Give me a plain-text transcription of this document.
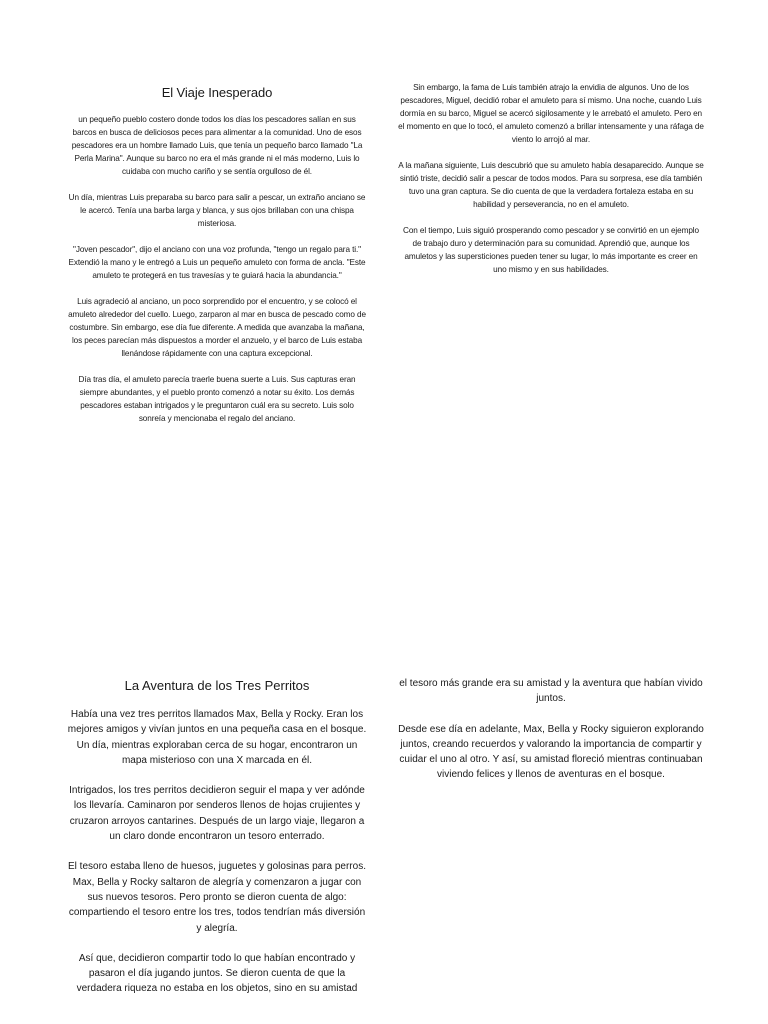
El Viaje Inesperado

un pequeño pueblo costero donde todos los días los pescadores salían en sus barcos en busca de deliciosos peces para alimentar a la comunidad. Uno de esos pescadores era un hombre llamado Luis, que tenía un pequeño barco llamado "La Perla Marina". Aunque su barco no era el más grande ni el más moderno, Luis lo cuidaba con mucho cariño y se sentía orgulloso de él.

Un día, mientras Luis preparaba su barco para salir a pescar, un extraño anciano se le acercó. Tenía una barba larga y blanca, y sus ojos brillaban con una chispa misteriosa.

"Joven pescador", dijo el anciano con una voz profunda, "tengo un regalo para ti." Extendió la mano y le entregó a Luis un pequeño amuleto con forma de ancla. "Este amuleto te protegerá en tus travesías y te guiará hacia la abundancia."

Luis agradeció al anciano, un poco sorprendido por el encuentro, y se colocó el amuleto alrededor del cuello. Luego, zarparon al mar en busca de pescado como de costumbre. Sin embargo, ese día fue diferente. A medida que avanzaba la mañana, los peces parecían más dispuestos a morder el anzuelo, y el barco de Luis estaba llenándose rápidamente con una captura excepcional.

Día tras día, el amuleto parecía traerle buena suerte a Luis. Sus capturas eran siempre abundantes, y el pueblo pronto comenzó a notar su éxito. Los demás pescadores estaban intrigados y le preguntaron cuál era su secreto. Luis solo sonreía y mencionaba el regalo del anciano.

Sin embargo, la fama de Luis también atrajo la envidia de algunos. Uno de los pescadores, Miguel, decidió robar el amuleto para sí mismo. Una noche, cuando Luis dormía en su barco, Miguel se acercó sigilosamente y le arrebató el amuleto. Pero en el momento en que lo tocó, el amuleto comenzó a brillar intensamente y una ráfaga de viento lo arrojó al mar.

A la mañana siguiente, Luis descubrió que su amuleto había desaparecido. Aunque se sintió triste, decidió salir a pescar de todos modos. Para su sorpresa, ese día también tuvo una gran captura. Se dio cuenta de que la verdadera fortaleza estaba en su habilidad y perseverancia, no en el amuleto.

Con el tiempo, Luis siguió prosperando como pescador y se convirtió en un ejemplo de trabajo duro y determinación para su comunidad. Aprendió que, aunque los amuletos y las supersticiones pueden tener su lugar, lo más importante es creer en uno mismo y en sus habilidades.

La Aventura de los Tres Perritos

Había una vez tres perritos llamados Max, Bella y Rocky. Eran los mejores amigos y vivían juntos en una pequeña casa en el bosque. Un día, mientras exploraban cerca de su hogar, encontraron un mapa misterioso con una X marcada en él.

Intrigados, los tres perritos decidieron seguir el mapa y ver adónde los llevaría. Caminaron por senderos llenos de hojas crujientes y cruzaron arroyos cantarines. Después de un largo viaje, llegaron a un claro donde encontraron un tesoro enterrado.

El tesoro estaba lleno de huesos, juguetes y golosinas para perros. Max, Bella y Rocky saltaron de alegría y comenzaron a jugar con sus nuevos tesoros. Pero pronto se dieron cuenta de algo: compartiendo el tesoro entre los tres, todos tendrían más diversión y alegría.

Así que, decidieron compartir todo lo que habían encontrado y pasaron el día jugando juntos. Se dieron cuenta de que la verdadera riqueza no estaba en los objetos, sino en su amistad

el tesoro más grande era su amistad y la aventura que habían vivido juntos.

Desde ese día en adelante, Max, Bella y Rocky siguieron explorando juntos, creando recuerdos y valorando la importancia de compartir y cuidar el uno al otro. Y así, su amistad floreció mientras continuaban viviendo felices y llenos de aventuras en el bosque.
